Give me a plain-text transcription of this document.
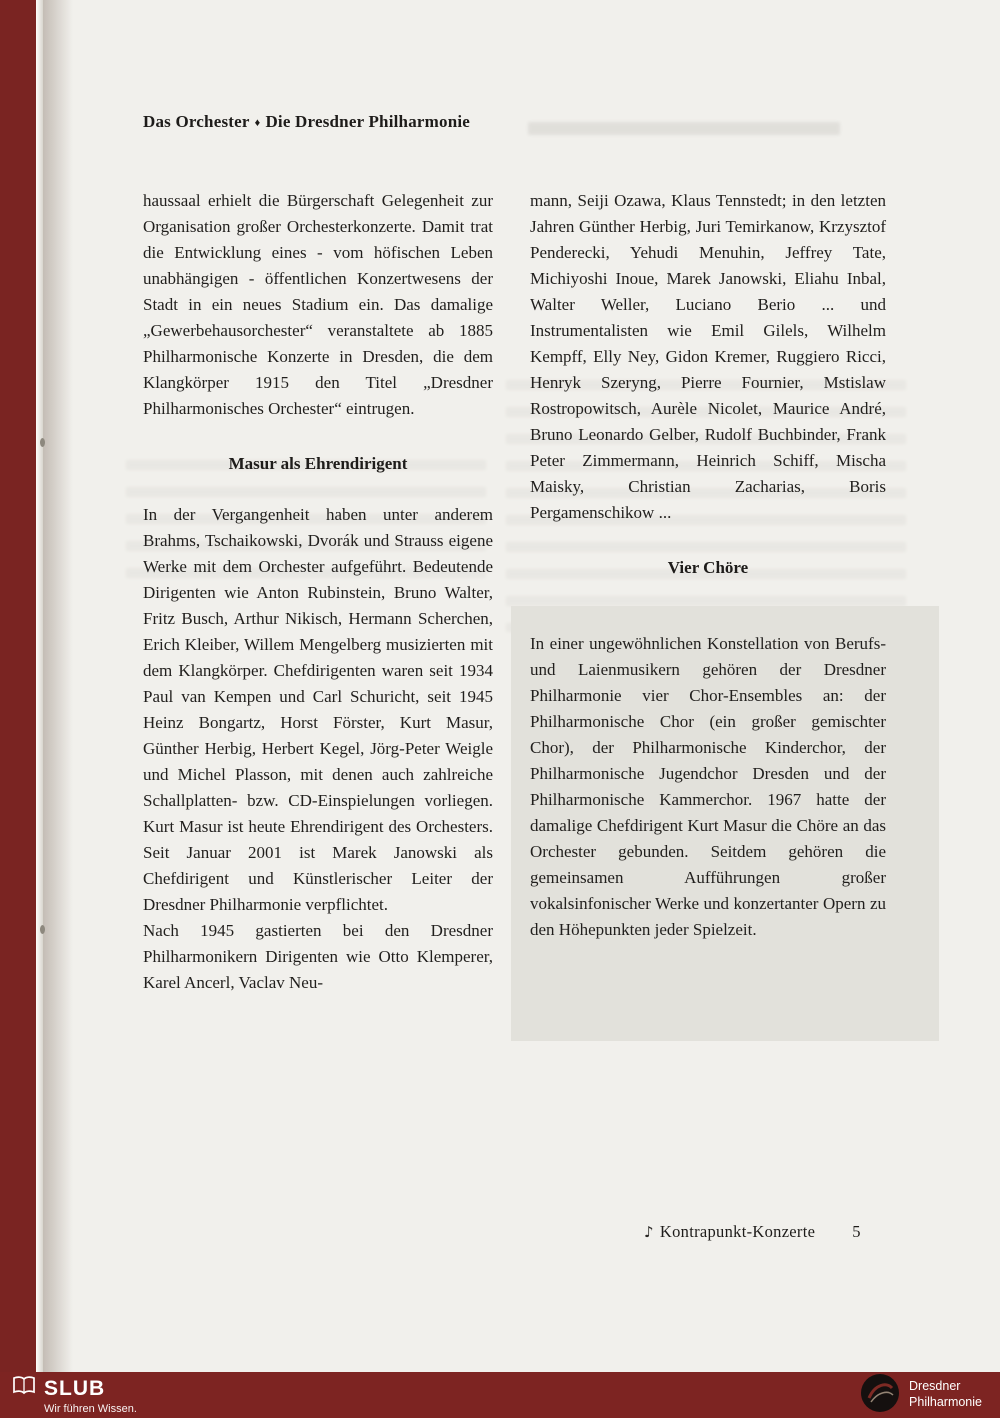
Das Orchester ♦ Die Dresdner Philharmonie

haussaal erhielt die Bürgerschaft Gelegenheit zur Organisation großer Orchesterkonzerte. Damit trat die Entwicklung eines - vom höfischen Leben unabhängigen - öffentlichen Konzertwesens der Stadt in ein neues Stadium ein. Das damalige „Gewerbehausorchester“ veranstaltete ab 1885 Philharmonische Konzerte in Dresden, die dem Klangkörper 1915 den Titel „Dresdner Philharmonisches Orchester“ eintrugen.

Masur als Ehrendirigent

In der Vergangenheit haben unter anderem Brahms, Tschaikowski, Dvorák und Strauss eigene Werke mit dem Orchester aufgeführt. Bedeutende Dirigenten wie Anton Rubinstein, Bruno Walter, Fritz Busch, Arthur Nikisch, Hermann Scherchen, Erich Kleiber, Willem Mengelberg musizierten mit dem Klangkörper. Chefdirigenten waren seit 1934 Paul van Kempen und Carl Schuricht, seit 1945 Heinz Bongartz, Horst Förster, Kurt Masur, Günther Herbig, Herbert Kegel, Jörg-Peter Weigle und Michel Plasson, mit denen auch zahlreiche Schallplatten- bzw. CD-Einspielungen vorliegen. Kurt Masur ist heute Ehrendirigent des Orchesters. Seit Januar 2001 ist Marek Janowski als Chefdirigent und Künstlerischer Leiter der Dresdner Philharmonie verpflichtet.

Nach 1945 gastierten bei den Dresdner Philharmonikern Dirigenten wie Otto Klemperer, Karel Ancerl, Vaclav Neu-

mann, Seiji Ozawa, Klaus Tennstedt; in den letzten Jahren Günther Herbig, Juri Temirkanow, Krzysztof Penderecki, Yehudi Menuhin, Jeffrey Tate, Michiyoshi Inoue, Marek Janowski, Eliahu Inbal, Walter Weller, Luciano Berio ... und Instrumentalisten wie Emil Gilels, Wilhelm Kempff, Elly Ney, Gidon Kremer, Ruggiero Ricci, Henryk Szeryng, Pierre Fournier, Mstislaw Rostropowitsch, Aurèle Nicolet, Maurice André, Bruno Leonardo Gelber, Rudolf Buchbinder, Frank Peter Zimmermann, Heinrich Schiff, Mischa Maisky, Christian Zacharias, Boris Pergamenschikow ...

Vier Chöre

In einer ungewöhnlichen Konstellation von Berufs- und Laienmusikern gehören der Dresdner Philharmonie vier Chor-Ensembles an: der Philharmonische Chor (ein großer gemischter Chor), der Philharmonische Kinderchor, der Philharmonische Jugendchor Dresden und der Philharmonische Kammerchor. 1967 hatte der damalige Chefdirigent Kurt Masur die Chöre an das Orchester gebunden. Seitdem gehören die gemeinsamen Aufführungen großer vokalsinfonischer Werke und konzertanter Opern zu den Höhepunkten jeder Spielzeit.

♪ Kontrapunkt-Konzerte 5
SLUB
Wir führen Wissen.
Dresdner
Philharmonie
